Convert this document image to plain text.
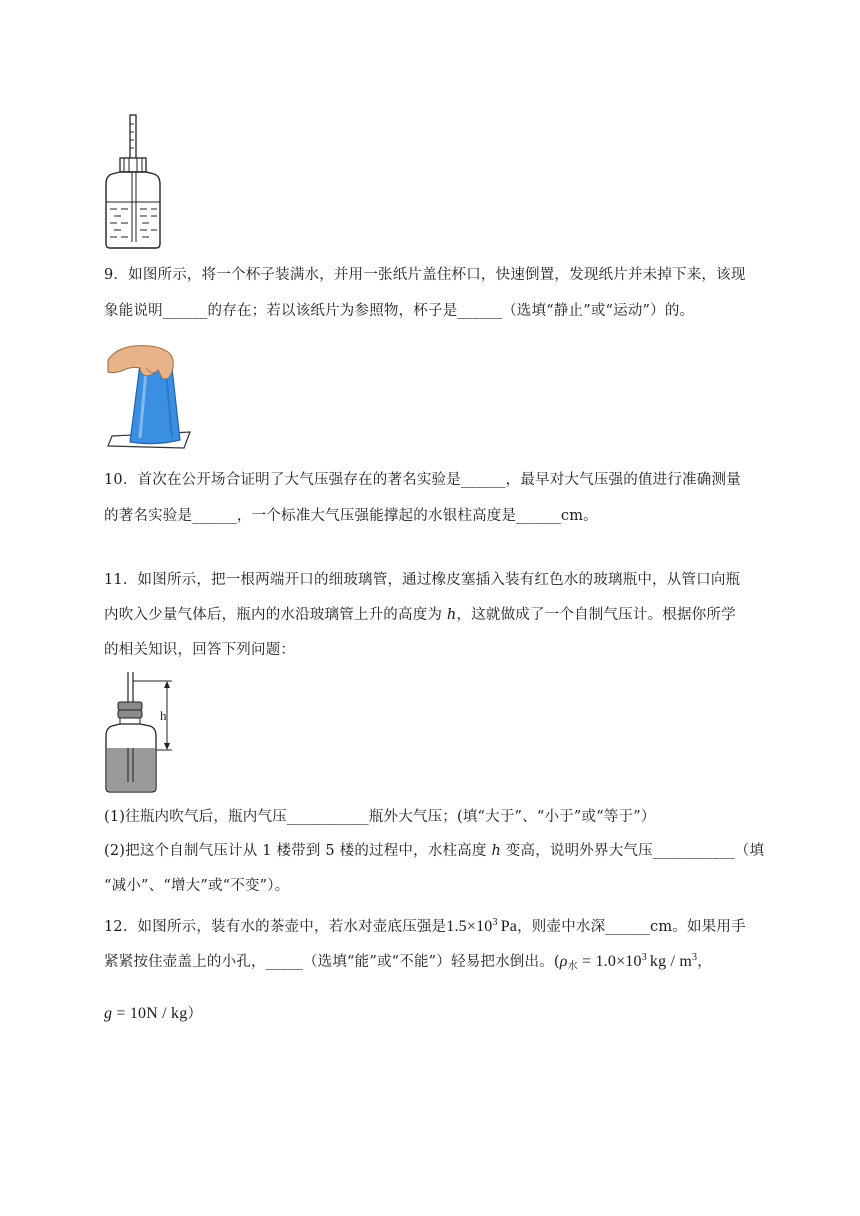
9．如图所示，将一个杯子装满水，并用一张纸片盖住杯口，快速倒置，发现纸片并未掉下来，该现

象能说明______的存在；若以该纸片为参照物，杯子是______（选填“静止”或“运动”）的。

10．首次在公开场合证明了大气压强存在的著名实验是______，最早对大气压强的值进行准确测量

的著名实验是______，一个标准大气压强能撑起的水银柱高度是______cm。

11．如图所示，把一根两端开口的细玻璃管，通过橡皮塞插入装有红色水的玻璃瓶中，从管口向瓶

内吹入少量气体后，瓶内的水沿玻璃管上升的高度为 h，这就做成了一个自制气压计。根据你所学

的相关知识，回答下列问题：

h

(1)往瓶内吹气后，瓶内气压___________瓶外大气压；(填“大于”、“小于”或“等于”）

(2)把这个自制气压计从 1 楼带到 5 楼的过程中，水柱高度 h 变高，说明外界大气压___________（填

“减小”、“增大”或“不变”）。

12．如图所示，装有水的茶壶中，若水对壶底压强是$1.5\times 10^3$ Pa，则壶中水深______cm。如果用手

紧紧按住壶盖上的小孔，_____（选填“能”或“不能”）轻易把水倒出。($\rho_水 = 1.0\times 10^3$ kg / $m^3$，

g = 10N / kg）
